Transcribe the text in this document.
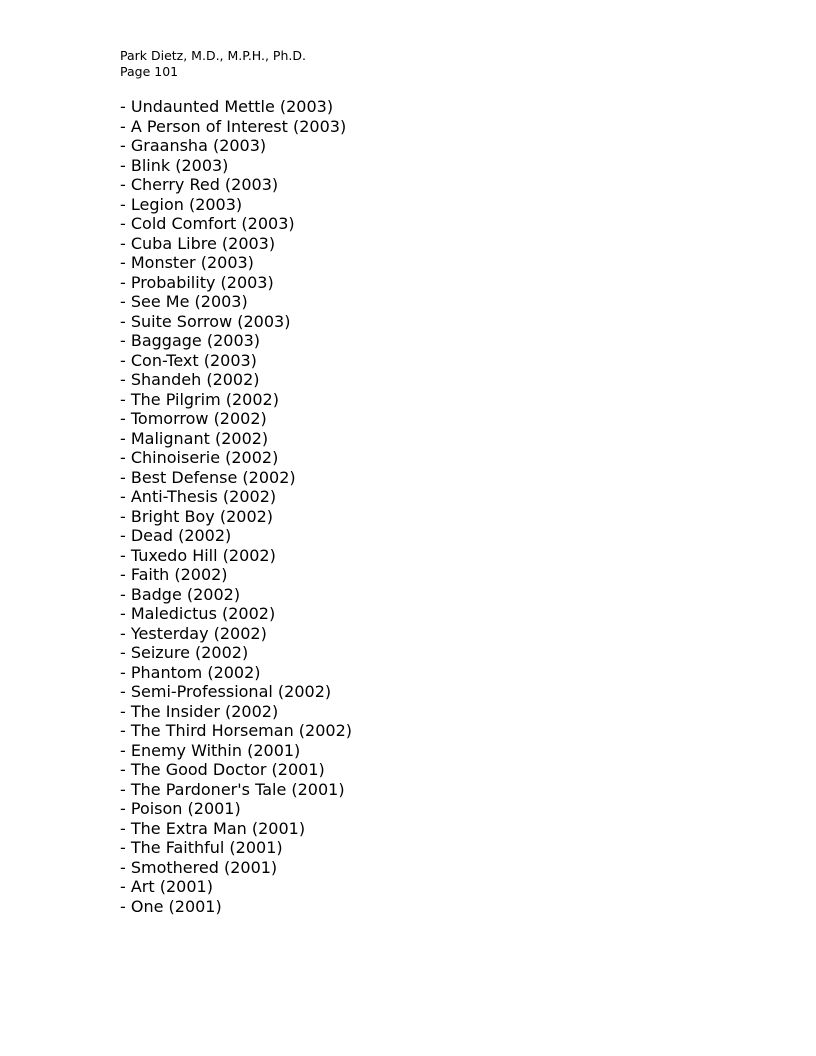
Park Dietz, M.D., M.P.H., Ph.D.
Page 101
- Undaunted Mettle (2003)
- A Person of Interest (2003)
- Graansha (2003)
- Blink (2003)
- Cherry Red (2003)
- Legion (2003)
- Cold Comfort (2003)
- Cuba Libre (2003)
- Monster (2003)
- Probability (2003)
- See Me (2003)
- Suite Sorrow (2003)
- Baggage (2003)
- Con-Text (2003)
- Shandeh (2002)
- The Pilgrim (2002)
- Tomorrow (2002)
- Malignant (2002)
- Chinoiserie (2002)
- Best Defense (2002)
- Anti-Thesis (2002)
- Bright Boy (2002)
- Dead (2002)
- Tuxedo Hill (2002)
- Faith (2002)
- Badge (2002)
- Maledictus (2002)
- Yesterday (2002)
- Seizure (2002)
- Phantom (2002)
- Semi-Professional (2002)
- The Insider (2002)
- The Third Horseman (2002)
- Enemy Within (2001)
- The Good Doctor (2001)
- The Pardoner's Tale (2001)
- Poison (2001)
- The Extra Man (2001)
- The Faithful (2001)
- Smothered (2001)
- Art (2001)
- One (2001)
